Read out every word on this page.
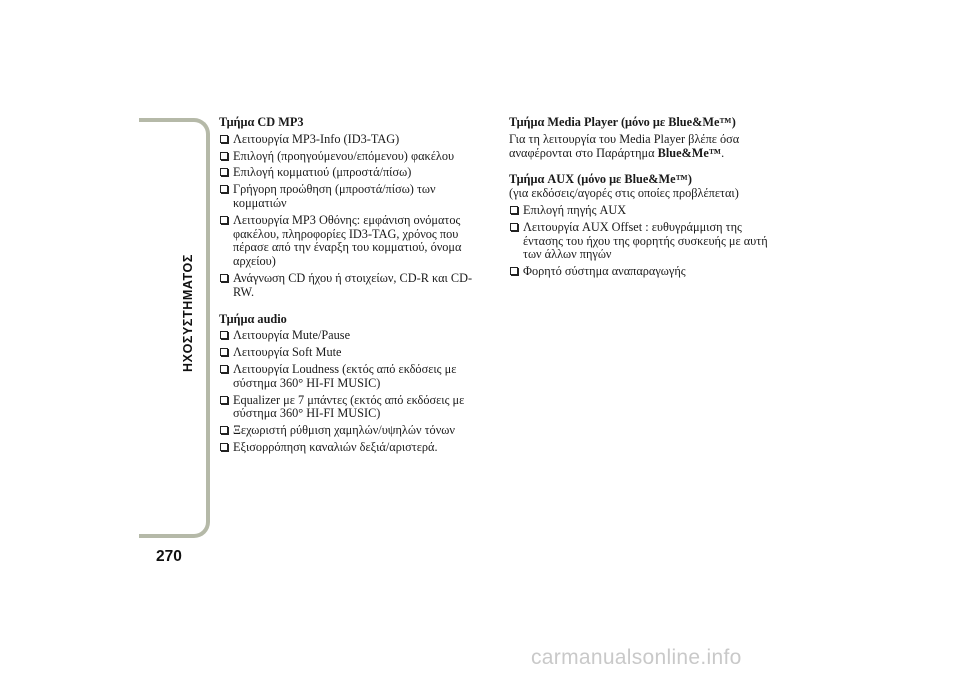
ΗΧΟΣΥΣΤΗΜΑΤΟΣ
270
Τμήμα CD MP3
Λειτουργία MP3-Info (ID3-TAG)
Επιλογή (προηγούμενου/επόμενου) φακέλου
Επιλογή κομματιού (μπροστά/πίσω)
Γρήγορη προώθηση (μπροστά/πίσω) των κομματιών
Λειτουργία MP3 Οθόνης: εμφάνιση ονόματος φακέλου, πληροφορίες ID3-TAG, χρόνος που πέρασε από την έναρξη του κομματιού, όνομα αρχείου)
Ανάγνωση CD ήχου ή στοιχείων, CD-R και CD-RW.
Τμήμα audio
Λειτουργία Mute/Pause
Λειτουργία Soft Mute
Λειτουργία Loudness (εκτός από εκδόσεις με σύστημα 360° HI-FI MUSIC)
Equalizer με 7 μπάντες (εκτός από εκδόσεις με σύστημα 360° HI-FI MUSIC)
Ξεχωριστή ρύθμιση χαμηλών/υψηλών τόνων
Εξισορρόπηση καναλιών δεξιά/αριστερά.
Τμήμα Media Player (μόνο με Blue&Me™)

Για τη λειτουργία του Media Player βλέπε όσα αναφέρονται στο Παράρτημα Blue&Me™.

Τμήμα AUX (μόνο με Blue&Me™)

(για εκδόσεις/αγορές στις οποίες προβλέπεται)

Επιλογή πηγής AUX
Λειτουργία AUX Offset : ευθυγράμμιση της έντασης του ήχου της φορητής συσκευής με αυτή των άλλων πηγών
Φορητό σύστημα αναπαραγωγής
carmanualsonline.info
